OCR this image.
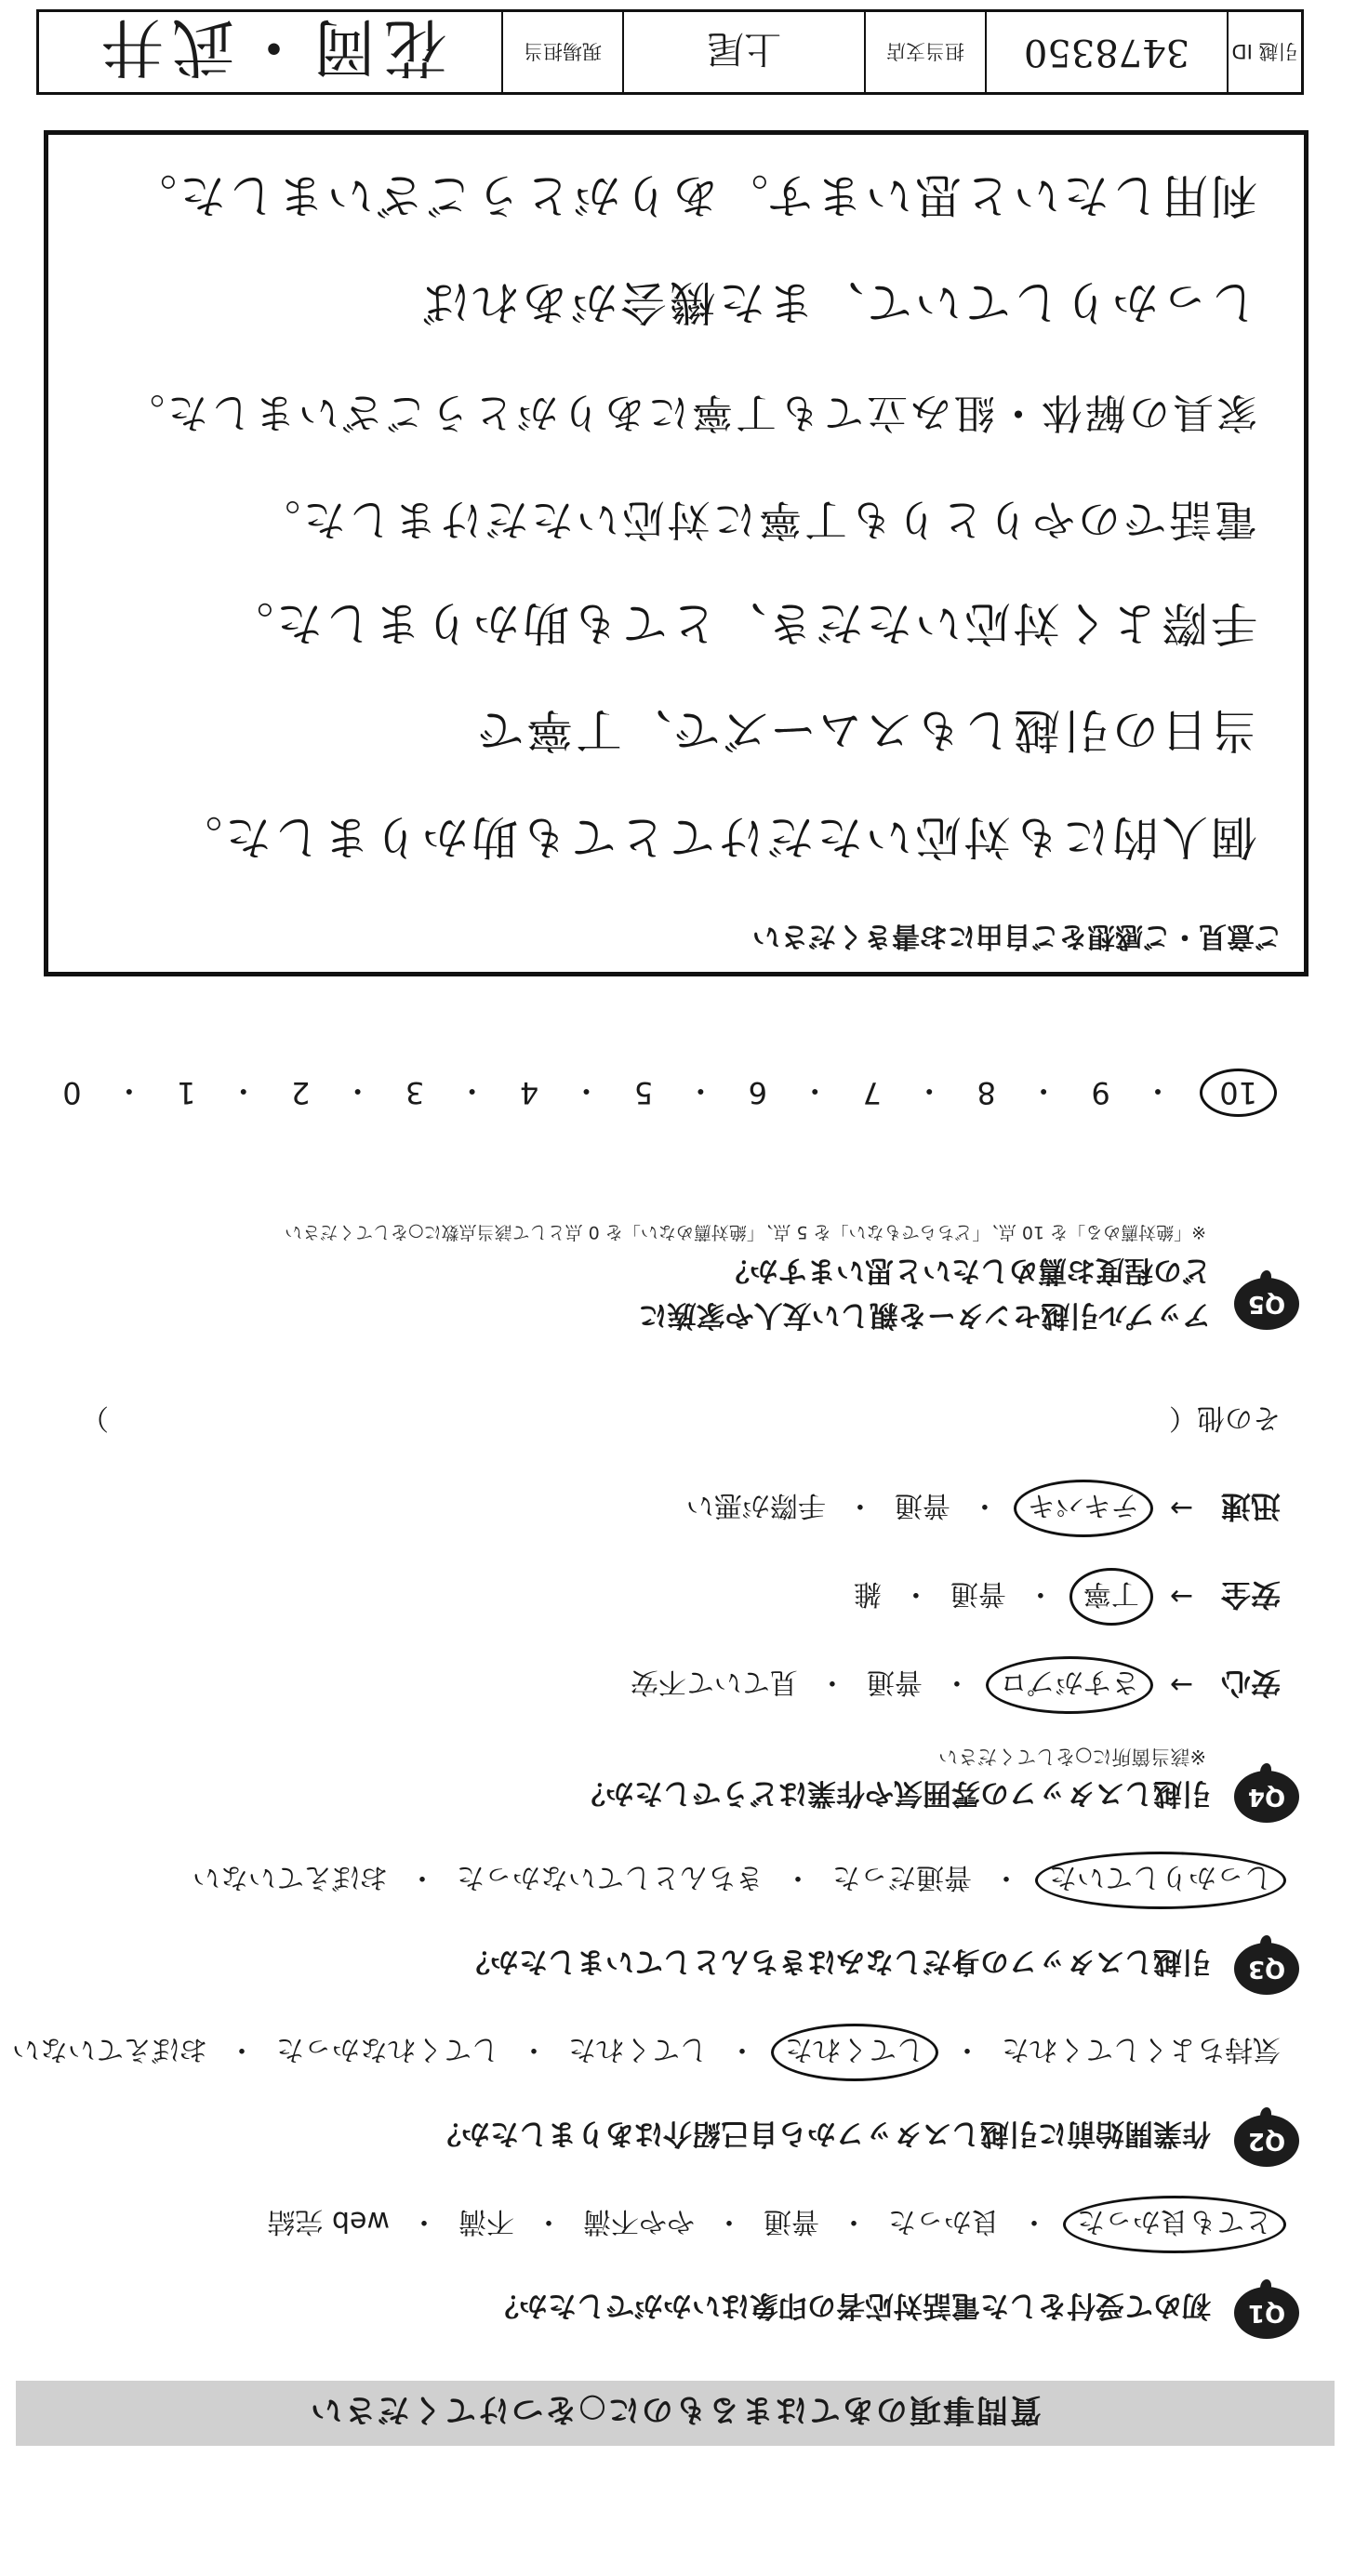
質問事項のあてはまるものに○をつけてください
Q1
初めて受付をした電話対応者の印象はいかがでしたか？
とても良かった
・
良かった
・
普通
・
やや不満
・
不満
・
web 完結
Q2
作業開始前に引越しスタッフから自己紹介はありましたか？
気持ちよくしてくれた
・
してくれた
・
してくれた
・
してくれなかった
・
おぼえていない
Q3
引越しスタッフの身だしなみはきちんとしていましたか？
しっかりしていた
・
普通だった
・
きちんとしていなかった
・
おぼえていない
Q4
引越しスタッフの雰囲気や作業はどうでしたか？
※該当箇所に○をしてください
安心
→
さすがプロ
・
普通
・
見ていて不安
安全
→
丁寧
・
普通
・
雑
迅速
→
テキパキ
・
普通
・
手際が悪い
その他（
）
Q5
アップル引越センターを親しい友人や家族に
どの程度お薦めしたいと思いますか？
※「絶対薦める」を 10 点、「どちらでもない」を 5 点、「絶対薦めない」を 0 点として該当点数に○をしてください
10
・
9
・
8
・
7
・
6
・
5
・
4
・
3
・
2
・
1
・
0
ご意見・ご感想をご自由にお書きください
個人的にも対応いただけてとても助かりました。
当日の引越しもスムーズで、丁寧で
手際よく対応いただき、とても助かりました。
電話でのやりとりも丁寧に対応いただけました。
家具の解体・組み立ても丁寧にありがとうございました。
しっかりしていて、また機会があれば
利用したいと思います。ありがとうございました。
引越 ID
3478350
担当支店
上尾
現場担当
花岡・武井
